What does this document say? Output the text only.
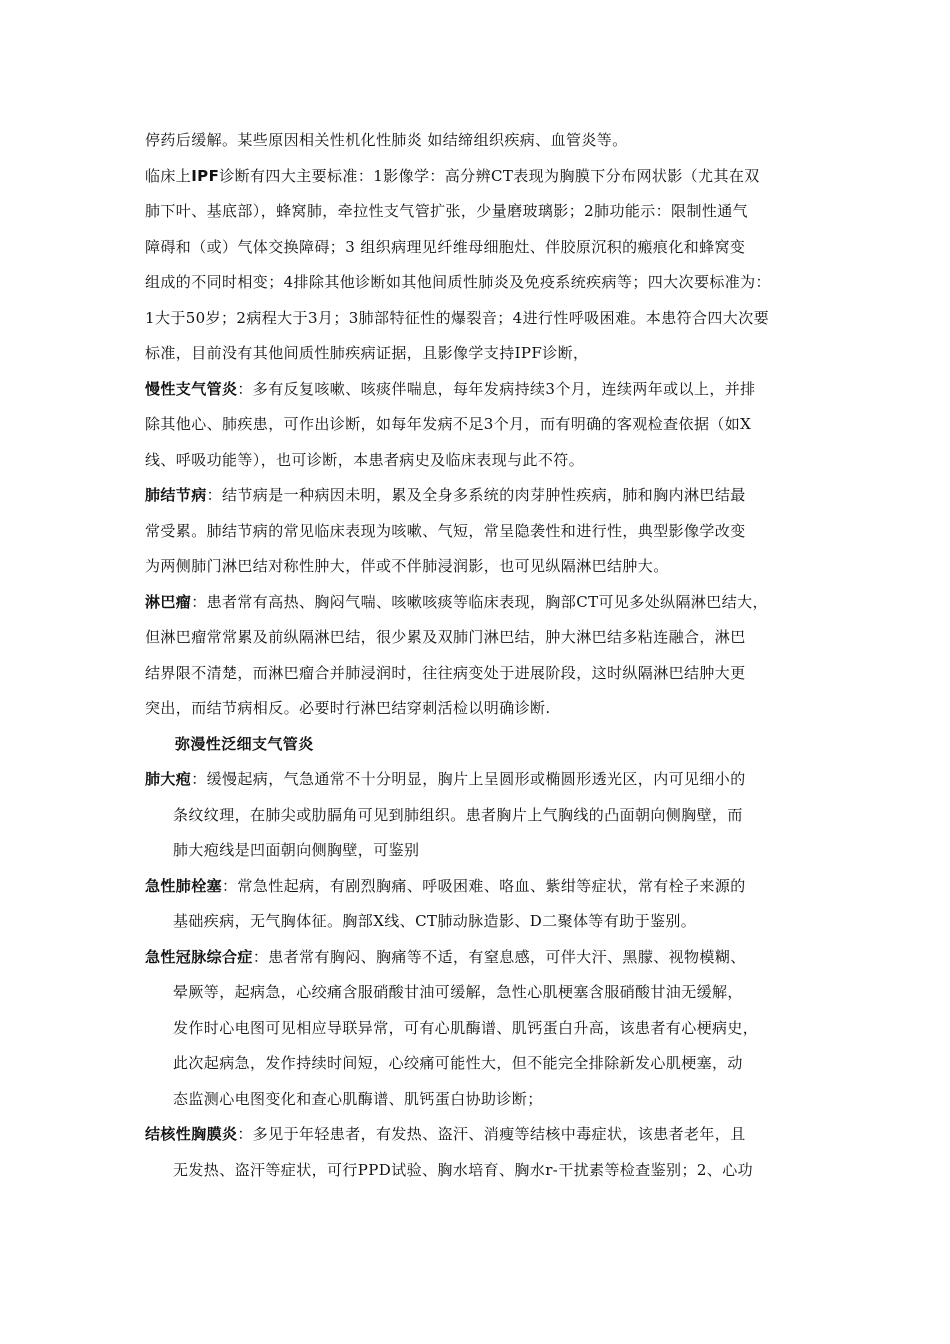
停药后缓解。某些原因相关性机化性肺炎 如结缔组织疾病、血管炎等。

临床上IPF诊断有四大主要标准：1影像学：高分辨CT表现为胸膜下分布网状影（尤其在双
肺下叶、基底部），蜂窝肺，牵拉性支气管扩张，少量磨玻璃影；2肺功能示：限制性通气
障碍和（或）气体交换障碍；3 组织病理见纤维母细胞灶、伴胶原沉积的瘢痕化和蜂窝变
组成的不同时相变；4排除其他诊断如其他间质性肺炎及免疫系统疾病等；四大次要标准为：
1大于50岁；2病程大于3月；3肺部特征性的爆裂音；4进行性呼吸困难。本患符合四大次要
标准，目前没有其他间质性肺疾病证据，且影像学支持IPF诊断，

慢性支气管炎：多有反复咳嗽、咳痰伴喘息，每年发病持续3个月，连续两年或以上，并排
除其他心、肺疾患，可作出诊断，如每年发病不足3个月，而有明确的客观检查依据（如X
线、呼吸功能等），也可诊断，本患者病史及临床表现与此不符。

肺结节病：结节病是一种病因未明，累及全身多系统的肉芽肿性疾病，肺和胸内淋巴结最
常受累。肺结节病的常见临床表现为咳嗽、气短，常呈隐袭性和进行性，典型影像学改变
为两侧肺门淋巴结对称性肿大，伴或不伴肺浸润影，也可见纵隔淋巴结肿大。

淋巴瘤：患者常有高热、胸闷气喘、咳嗽咳痰等临床表现，胸部CT可见多处纵隔淋巴结大，
但淋巴瘤常常累及前纵隔淋巴结，很少累及双肺门淋巴结，肿大淋巴结多粘连融合，淋巴
结界限不清楚，而淋巴瘤合并肺浸润时，往往病变处于进展阶段，这时纵隔淋巴结肿大更
突出，而结节病相反。必要时行淋巴结穿刺活检以明确诊断.

弥漫性泛细支气管炎

肺大疱：缓慢起病，气急通常不十分明显，胸片上呈圆形或椭圆形透光区，内可见细小的
条纹纹理，在肺尖或肋膈角可见到肺组织。患者胸片上气胸线的凸面朝向侧胸壁，而
肺大疱线是凹面朝向侧胸壁，可鉴别

急性肺栓塞：常急性起病，有剧烈胸痛、呼吸困难、咯血、紫绀等症状，常有栓子来源的
基础疾病，无气胸体征。胸部X线、CT肺动脉造影、D二聚体等有助于鉴别。

急性冠脉综合症：患者常有胸闷、胸痛等不适，有窒息感，可伴大汗、黑朦、视物模糊、
晕厥等，起病急，心绞痛含服硝酸甘油可缓解，急性心肌梗塞含服硝酸甘油无缓解，
发作时心电图可见相应导联异常，可有心肌酶谱、肌钙蛋白升高，该患者有心梗病史，
此次起病急，发作持续时间短，心绞痛可能性大，但不能完全排除新发心肌梗塞，动
态监测心电图变化和查心肌酶谱、肌钙蛋白协助诊断；

结核性胸膜炎：多见于年轻患者，有发热、盗汗、消瘦等结核中毒症状，该患者老年，且
无发热、盗汗等症状，可行PPD试验、胸水培育、胸水r-干扰素等检查鉴别；2、心功
